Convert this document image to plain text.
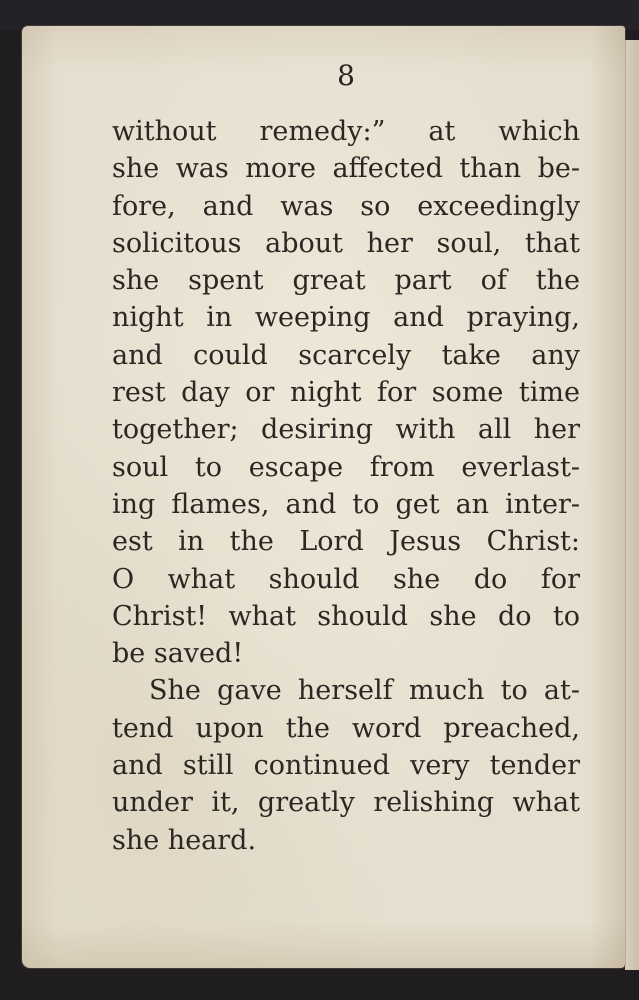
8
without remedy:” at which
she was more affected than be-
fore, and was so exceedingly
solicitous about her soul, that
she spent great part of the
night in weeping and praying,
and could scarcely take any
rest day or night for some time
together; desiring with all her
soul to escape from everlast-
ing flames, and to get an inter-
est in the Lord Jesus Christ:
O what should she do for
Christ! what should she do to
be saved!
She gave herself much to at-
tend upon the word preached,
and still continued very tender
under it, greatly relishing what
she heard.
